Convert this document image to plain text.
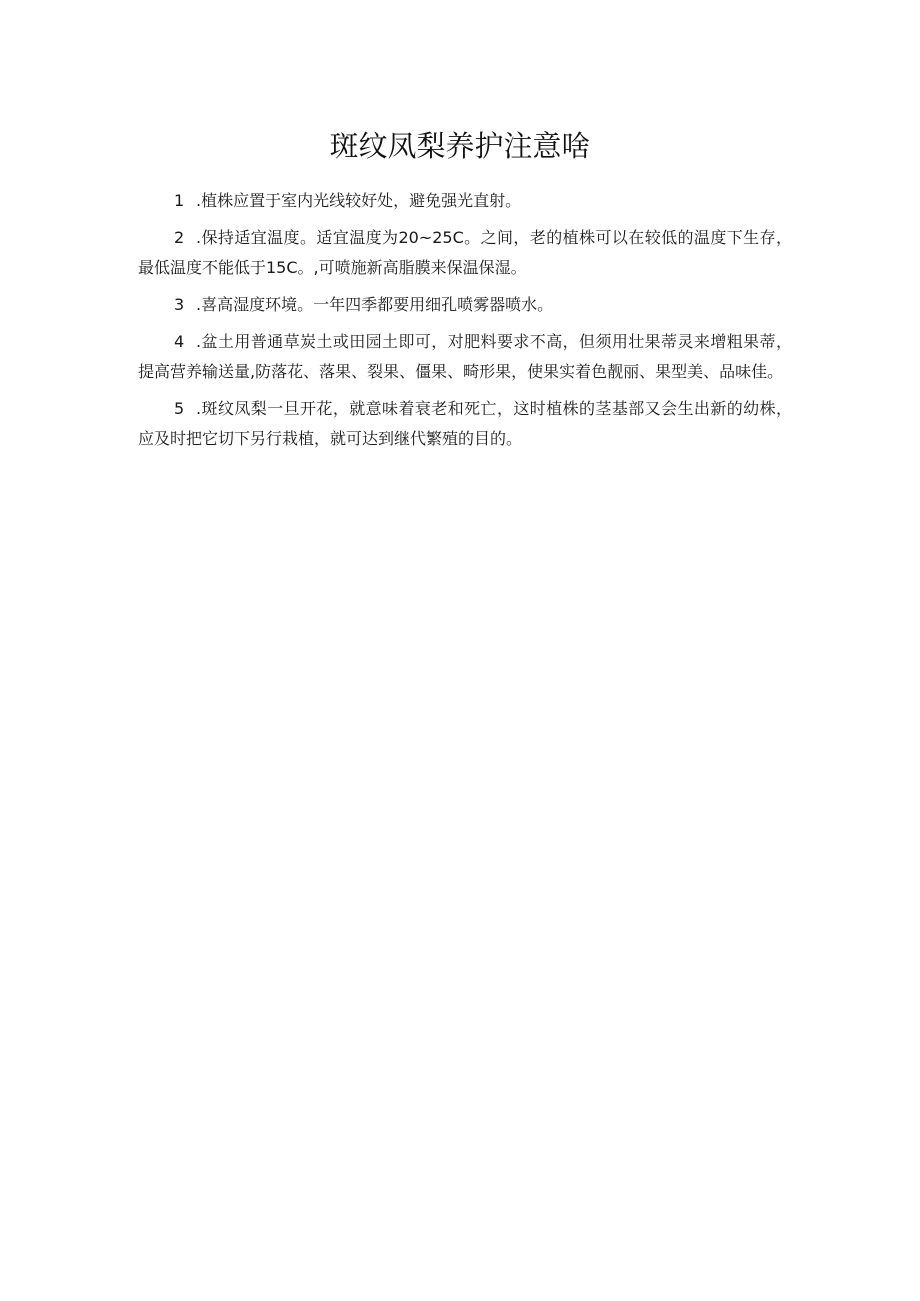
斑纹凤梨养护注意啥

1 .植株应置于室内光线较好处，避免强光直射。

2 .保持适宜温度。适宜温度为20~25C。之间，老的植株可以在较低的温度下生存，最低温度不能低于15C。,可喷施新高脂膜来保温保湿。

3 .喜高湿度环境。一年四季都要用细孔喷雾器喷水。

4 .盆土用普通草炭土或田园土即可，对肥料要求不高，但须用壮果蒂灵来增粗果蒂，提高营养输送量,防落花、落果、裂果、僵果、畸形果，使果实着色靓丽、果型美、品味佳。

5 .斑纹凤梨一旦开花，就意味着衰老和死亡，这时植株的茎基部又会生出新的幼株，应及时把它切下另行栽植，就可达到继代繁殖的目的。
